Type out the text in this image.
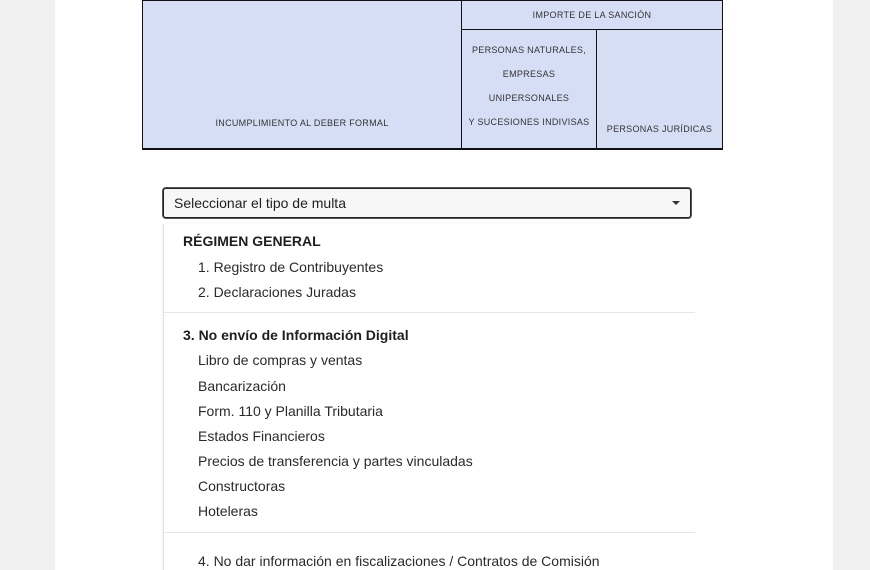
INCUMPLIMIENTO AL DEBER FORMAL	IMPORTE DE LA SANCIÓN	

	PERSONAS NATURALES,
EMPRESAS UNIPERSONALES
Y SUCESIONES INDIVISAS	PERSONAS JURÍDICAS
Seleccionar el tipo de multa
RÉGIMEN GENERAL
1. Registro de Contribuyentes
2. Declaraciones Juradas
3. No envío de Información Digital
Libro de compras y ventas
Bancarización
Form. 110 y Planilla Tributaria
Estados Financieros
Precios de transferencia y partes vinculadas
Constructoras
Hoteleras
4. No dar información en fiscalizaciones / Contratos de Comisión
